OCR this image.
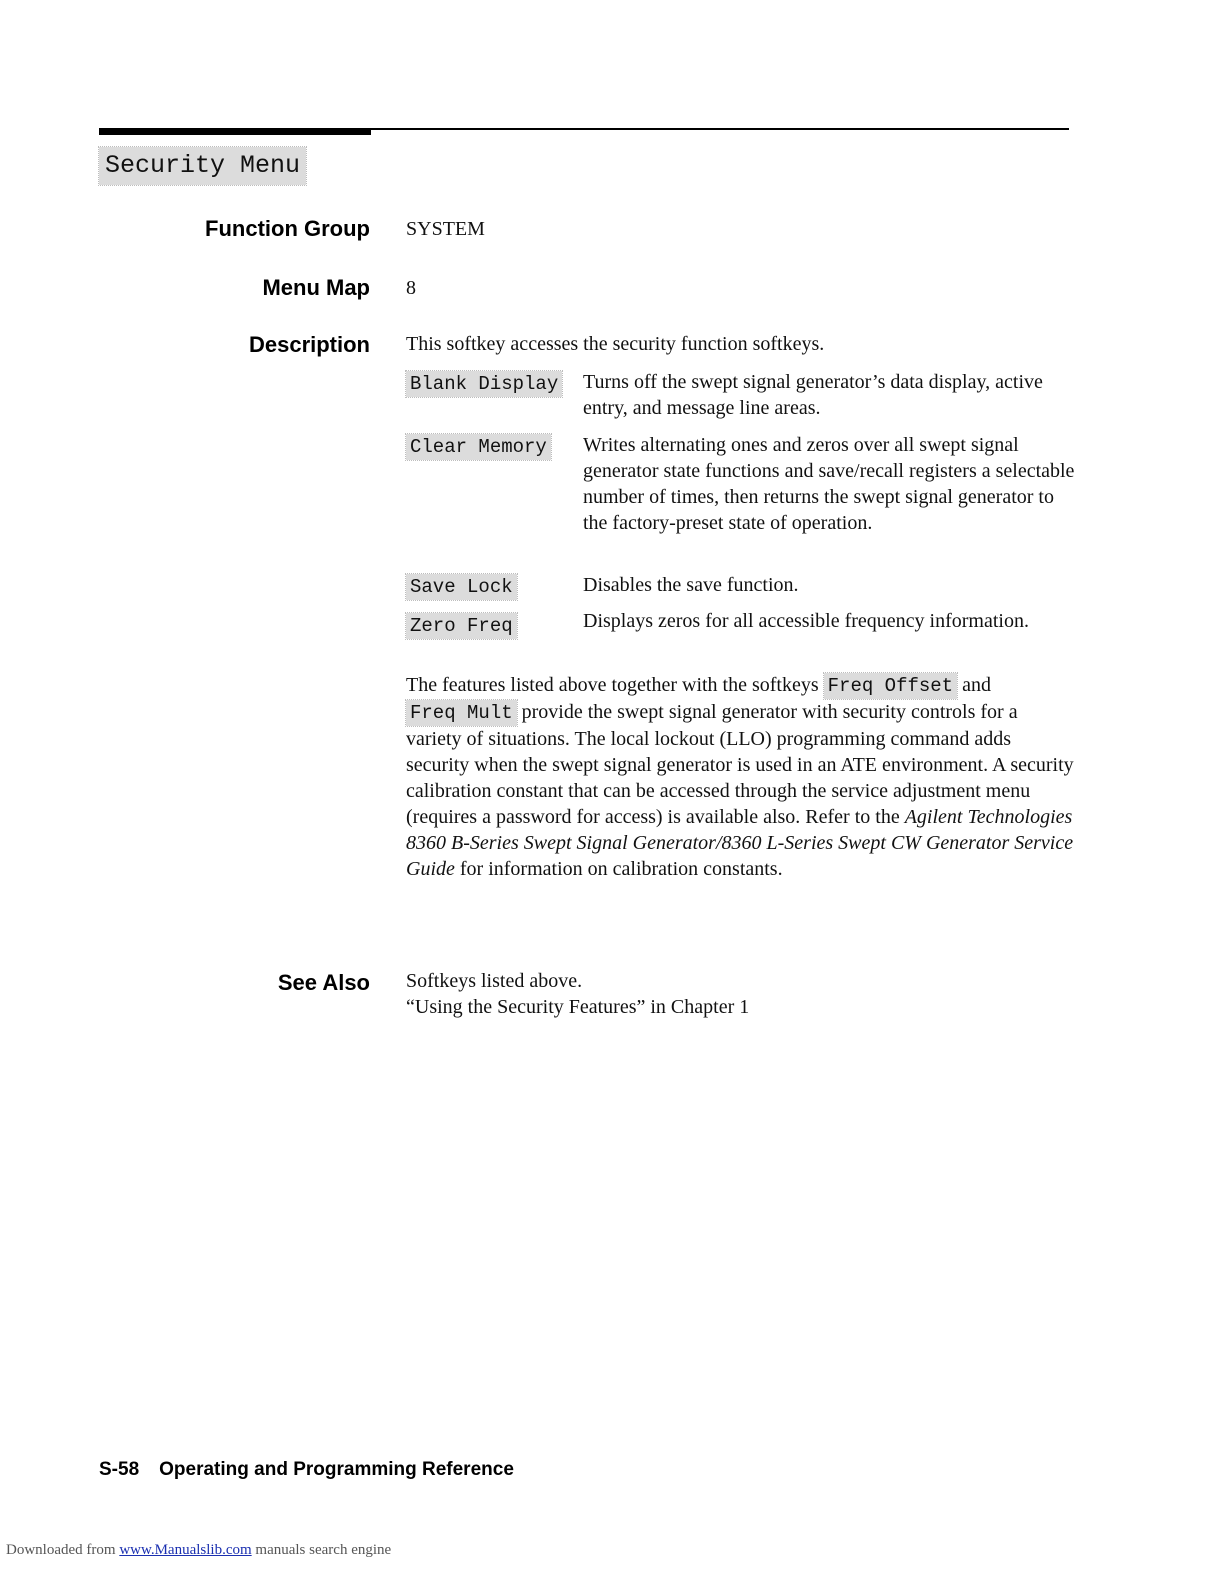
Security Menu
Function Group SYSTEM
Menu Map 8
Description This softkey accesses the security function softkeys.
Blank Display Turns off the swept signal generator’s data display, active entry, and message line areas.
Clear Memory Writes alternating ones and zeros over all swept signal generator state functions and save/recall registers a selectable number of times, then returns the swept signal generator to the factory-preset state of operation.
Save Lock	Disables the save function.
Zero Freq	Displays zeros for all accessible frequency information.
The features listed above together with the softkeys Freq Offset and Freq Mult provide the swept signal generator with security controls for a variety of situations. The local lockout (LLO) programming command adds security when the swept signal generator is used in an ATE environment. A security calibration constant that can be accessed through the service adjustment menu (requires a password for access) is available also. Refer to the Agilent Technologies 8360 B-Series Swept Signal Generator/8360 L-Series Swept CW Generator Service Guide for information on calibration constants.
See Also Softkeys listed above.
“Using the Security Features” in Chapter 1
S-58 Operating and Programming Reference
Downloaded from www.Manualslib.com manuals search engine
